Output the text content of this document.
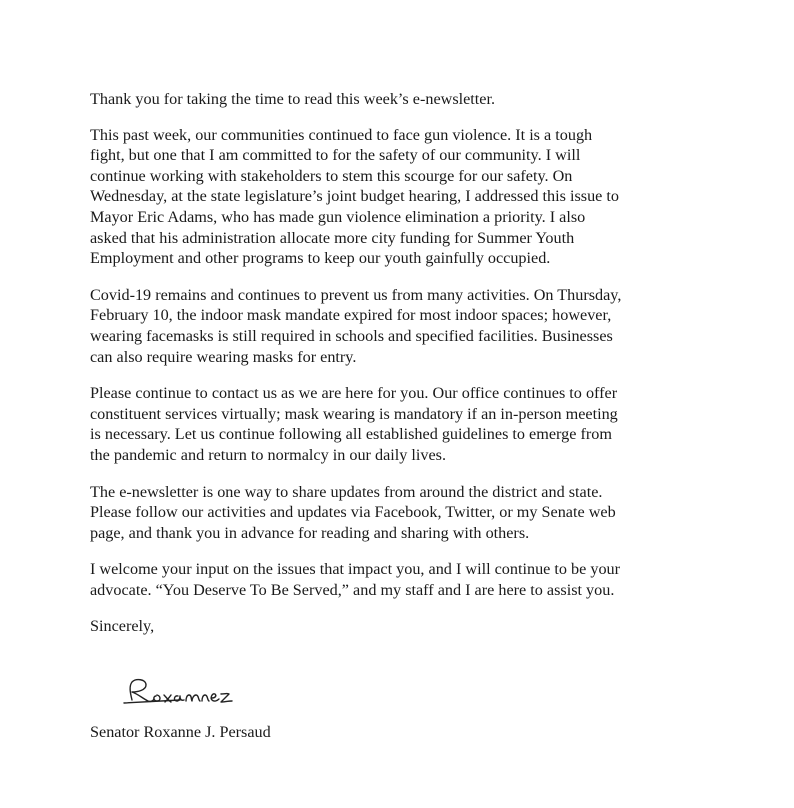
Thank you for taking the time to read this week’s e-newsletter.

This past week, our communities continued to face gun violence. It is a tough
fight, but one that I am committed to for the safety of our community. I will
continue working with stakeholders to stem this scourge for our safety. On
Wednesday, at the state legislature’s joint budget hearing, I addressed this issue to
Mayor Eric Adams, who has made gun violence elimination a priority. I also
asked that his administration allocate more city funding for Summer Youth
Employment and other programs to keep our youth gainfully occupied.

Covid-19 remains and continues to prevent us from many activities. On Thursday,
February 10, the indoor mask mandate expired for most indoor spaces; however,
wearing facemasks is still required in schools and specified facilities. Businesses
can also require wearing masks for entry.

Please continue to contact us as we are here for you. Our office continues to offer
constituent services virtually; mask wearing is mandatory if an in-person meeting
is necessary. Let us continue following all established guidelines to emerge from
the pandemic and return to normalcy in our daily lives.

The e-newsletter is one way to share updates from around the district and state.
Please follow our activities and updates via Facebook, Twitter, or my Senate web
page, and thank you in advance for reading and sharing with others.

I welcome your input on the issues that impact you, and I will continue to be your
advocate. “You Deserve To Be Served,” and my staff and I are here to assist you.

Sincerely,

Roxanne

Senator Roxanne J. Persaud
